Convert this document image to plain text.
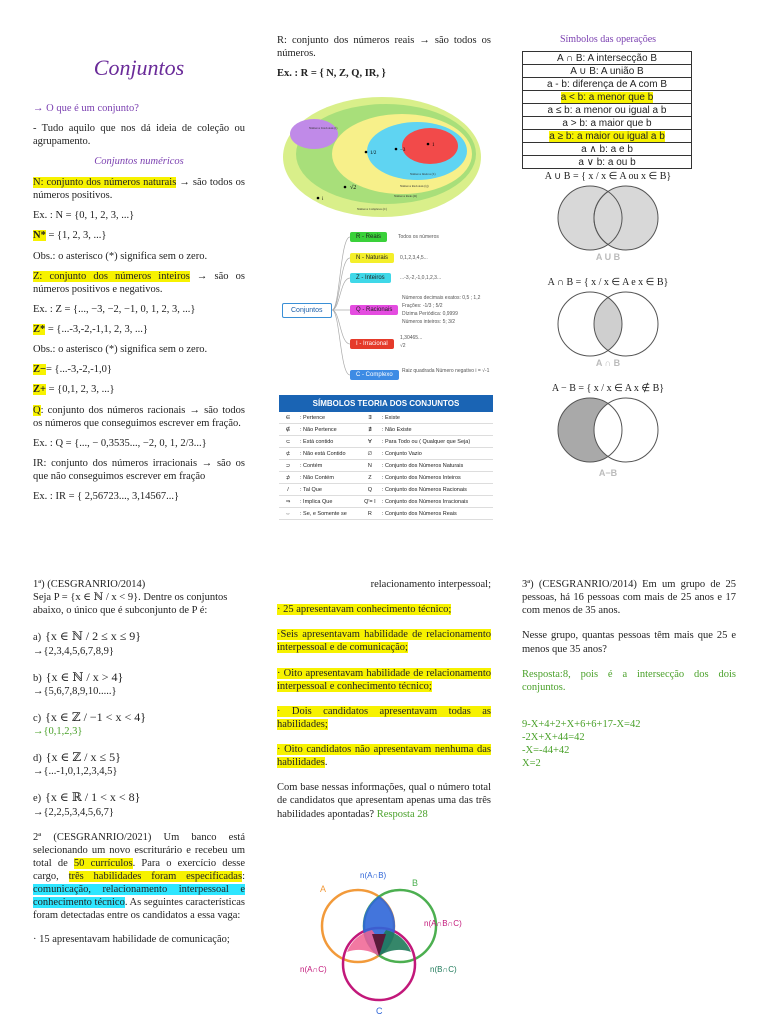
Conjuntos

→ O que é um conjunto?

- Tudo aquilo que nos dá ideia de coleção ou agrupamento.

Conjuntos numéricos

N: conjunto dos números naturais → são todos os números positivos.

Ex. : N = {0, 1, 2, 3, ...}

N* = {1, 2, 3, ...}

Obs.: o asterisco (*) significa sem o zero.

Z: conjunto dos números inteiros → são os números positivos e negativos.

Ex. : Z = {..., −3, −2, −1, 0, 1, 2, 3, ...}

Z* = {...-3,-2,-1,1, 2, 3, ...}

Obs.: o asterisco (*) significa sem o zero.

Z−= {...-3,-2,-1,0}

Z+ = {0,1, 2, 3, ...}

Q: conjunto dos números racionais → são todos os números que conseguimos escrever em fração.

Ex. : Q = {..., − 0,3535..., −2, 0, 1, 2/3...}

IR: conjunto dos números irracionais → são os que não conseguimos escrever em fração

Ex. : IR = { 2,56723..., 3,14567...}

R: conjunto dos números reais → são todos os números.

Ex. : R = { N, Z, Q, IR, }

Números Irracionais (I)
1
−3
1/2
√2
i
Números Inteiros (Z)
Números Racionais (Q)
Números Reais (R)
Números Complexos (C)
Conjuntos
R - Reais	Todos os números
N - Naturais	0,1,2,3,4,5...
Z - Inteiros	...-3,-2,-1,0,1,2,3...
Q - Racionais
Números decimais exatos: 0,5 ; 1,2
Frações: -1/3 ; 5/2
Dízima Periódica: 0,9999
Números inteiros: 5; 3/2
I - Irracional
1,30465...
√2
C - Complexo
Raiz quadrada Número negativo i = √-1
SÍMBOLOS TEORIA DOS CONJUNTOS
∈	: Pertence	∃	: Existe
∉	: Não Pertence	∄	: Não Existe
⊂	: Está contido	∀	: Para Todo ou ( Qualquer que Seja)
⊄	: Não está Contido	∅	: Conjunto Vazio
⊃	: Contém	N	: Conjunto dos Números Naturais
⊅	: Não Contém	Z	: Conjunto dos Números Inteiros
/	: Tal Que	Q	: Conjunto dos Números Racionais
⇒	: Implica Que	Q'= I	: Conjunto dos Números Irracionais
⇔	: Se, e Somente se	R	: Conjunto dos Números Reais
Símbolos das operações
A ∩ B: A intersecção B
A ∪ B: A união B
a - b: diferença de A com B
a < b: a menor que b
a ≤ b: a menor ou igual a b
a > b: a maior que b
a ≥ b: a maior ou igual a b
a ∧ b: a e b
a ∨ b: a ou b
A ∪ B = { x / x ∈ A ou x ∈ B}
A U B
A ∩ B = { x / x ∈ A e x ∈ B}
A ∩ B
A − B = { x / x ∈ A x ∉ B}
A−B
1ª) (CESGRANRIO/2014)

Seja P = {x ∈ ℕ / x < 9}. Dentre os conjuntos abaixo, o único que é subconjunto de P é:

a) {x ∈ ℕ / 2 ≤ x ≤ 9}
→{2,3,4,5,6,7,8,9}
b) {x ∈ ℕ / x > 4}
→{5,6,7,8,9,10.....}
c) {x ∈ ℤ / −1 < x < 4}
→{0,1,2,3}
d) {x ∈ ℤ / x ≤ 5}
→{...-1,0,1,2,3,4,5}
e) {x ∈ ℝ / 1 < x < 8}
→{2,2,5,3,4,5,6,7}

2ª (CESGRANRIO/2021) Um banco está selecionando um novo escriturário e recebeu um total de 50 currículos. Para o exercício desse cargo, três habilidades foram especificadas: comunicação, relacionamento interpessoal e conhecimento técnico. As seguintes características foram detectadas entre os candidatos a essa vaga:

· 15 apresentavam habilidade de comunicação;

relacionamento interpessoal;

· 25 apresentavam conhecimento técnico;

·Seis apresentavam habilidade de relacionamento interpessoal e de comunicação;

· Oito apresentavam habilidade de relacionamento interpessoal e conhecimento técnico;

· Dois candidatos apresentavam todas as habilidades;

· Oito candidatos não apresentavam nenhuma das habilidades.

Com base nessas informações, qual o número total de candidatos que apresentam apenas uma das três habilidades apontadas? Resposta 28

n(A∩B)
A
B
n(A∩B∩C)
n(A∩C)	n(B∩C)
C

3ª) (CESGRANRIO/2014) Em um grupo de 25 pessoas, há 16 pessoas com mais de 25 anos e 17 com menos de 35 anos.

Nesse grupo, quantas pessoas têm mais que 25 e menos que 35 anos?

Resposta:8, pois é a intersecção dos dois conjuntos.

9-X+4+2+X+6+6+17-X=42
-2X+X+44=42
-X=-44+42
X=2
